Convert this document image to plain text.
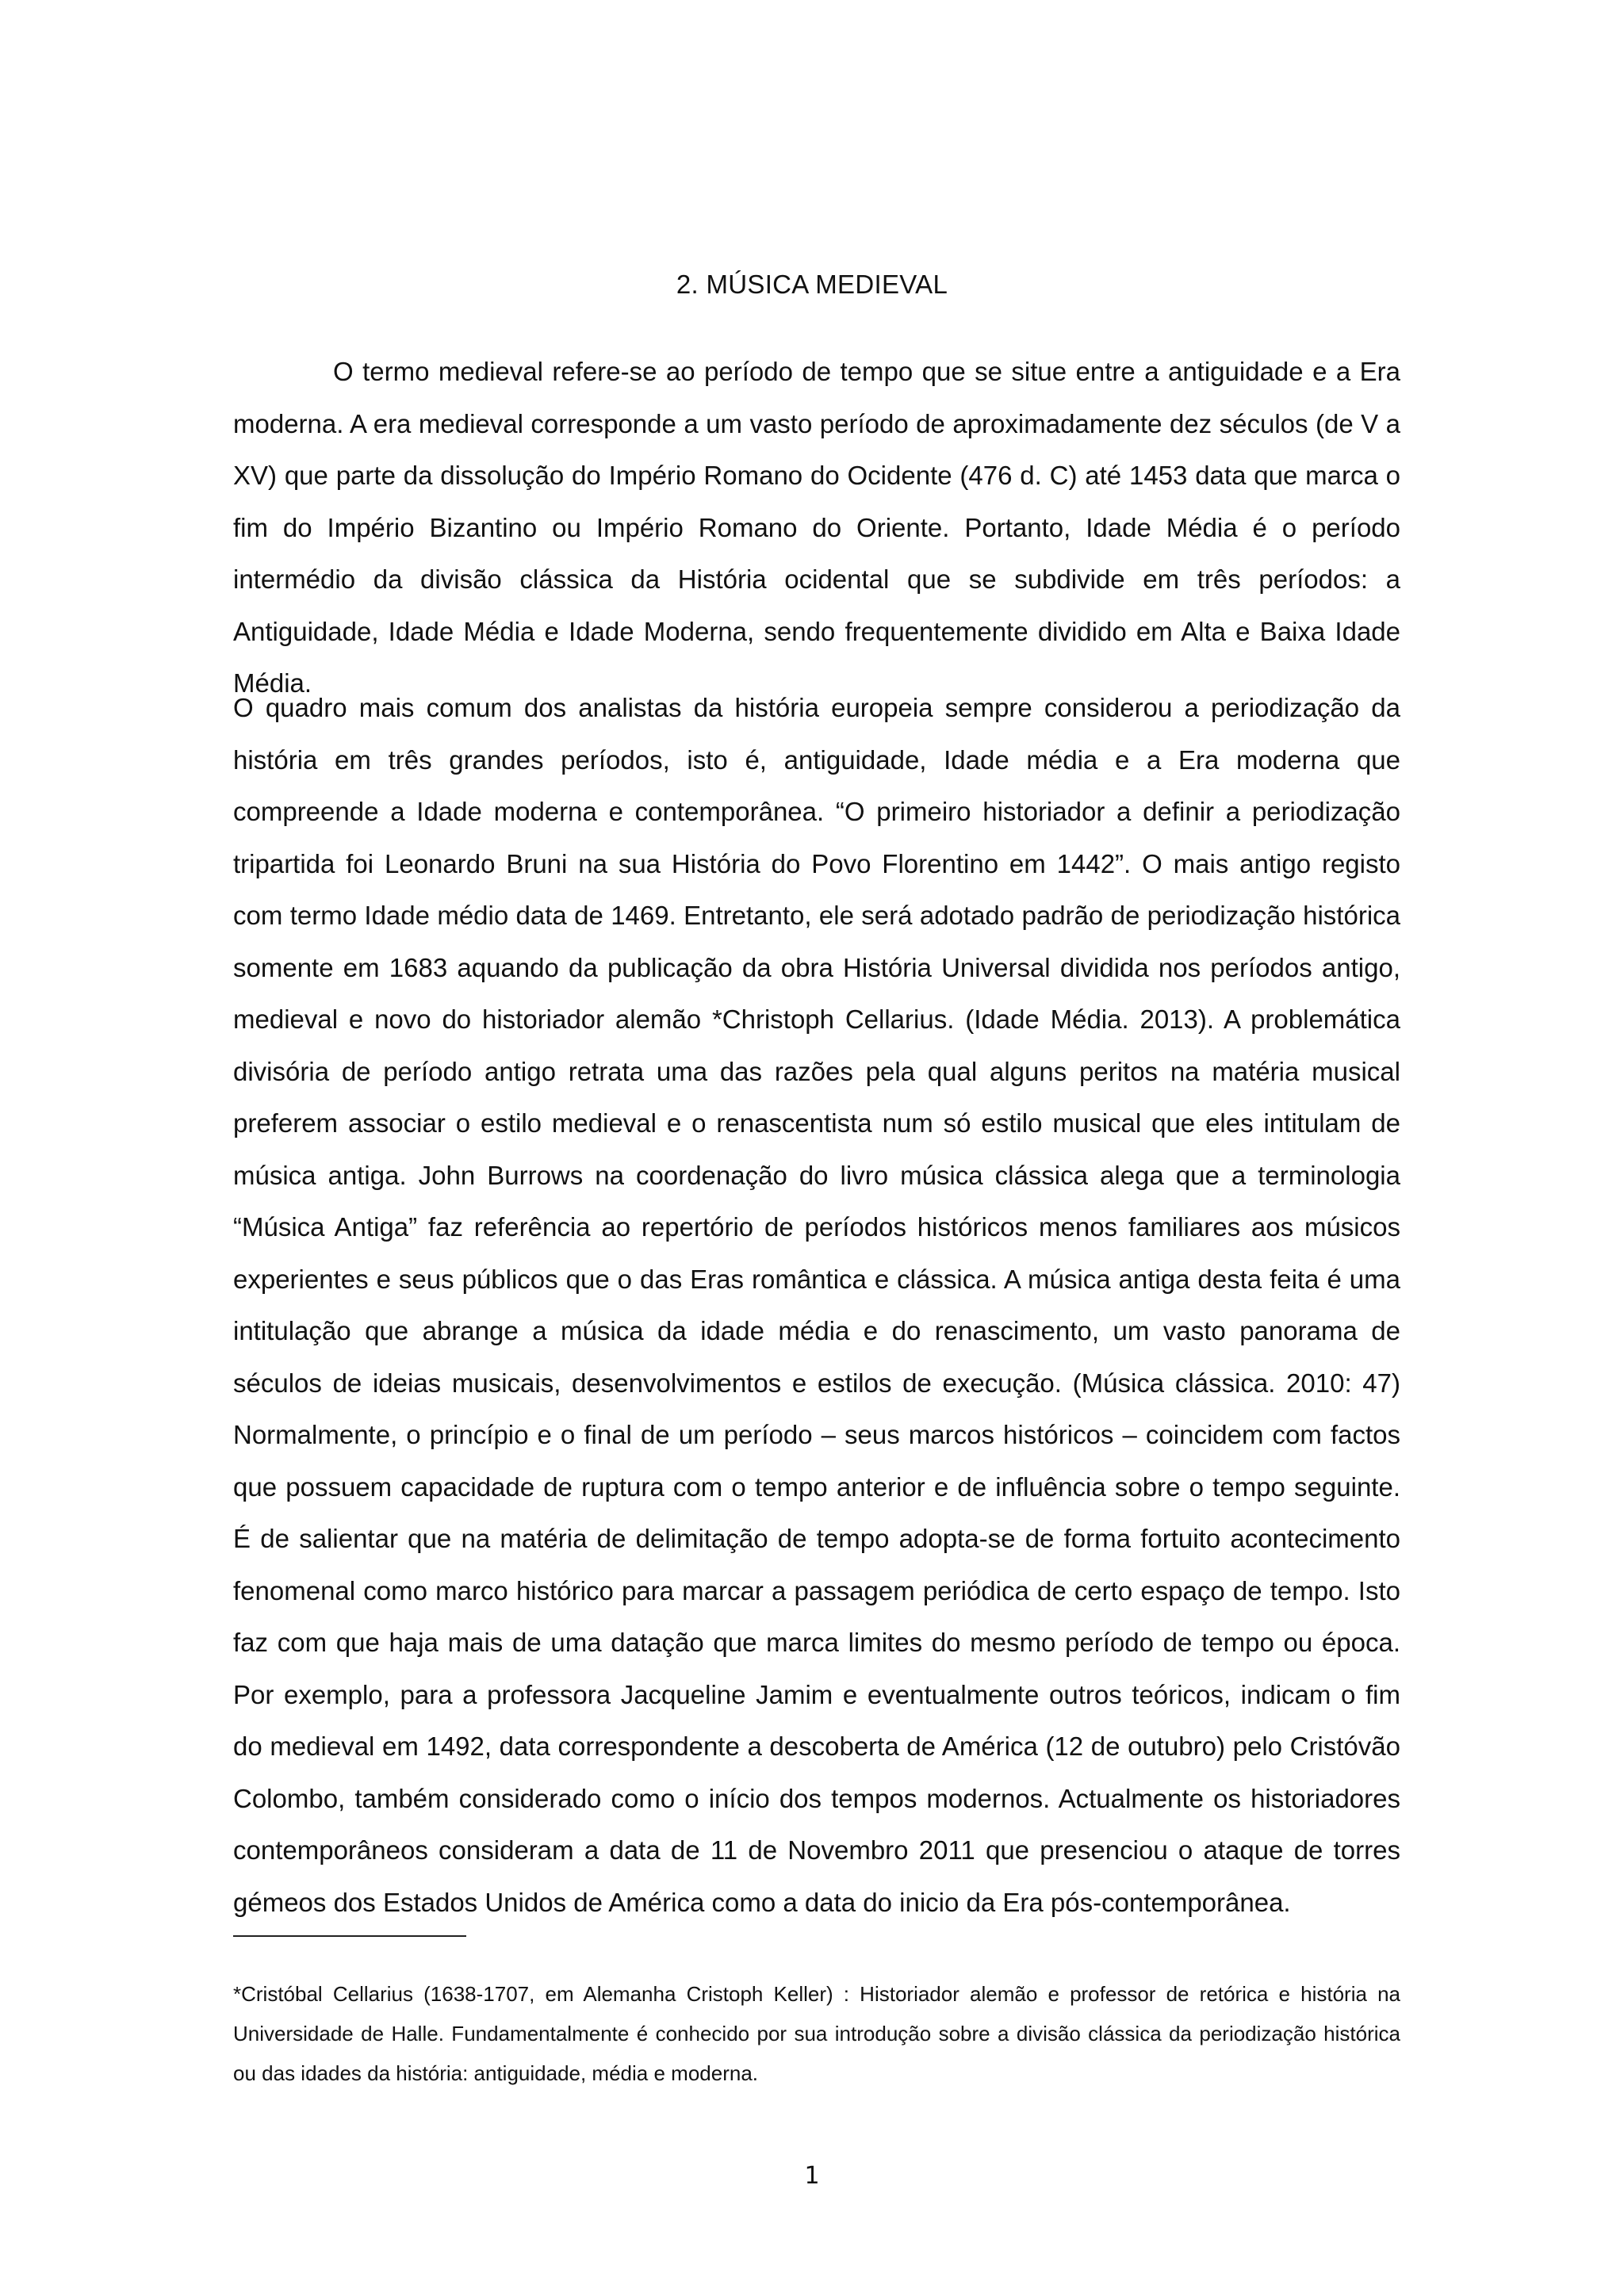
2. MÚSICA MEDIEVAL

O termo medieval refere-se ao período de tempo que se situe entre a antiguidade e a Era moderna. A era medieval corresponde a um vasto período de aproximadamente dez séculos (de V a XV) que parte da dissolução do Império Romano do Ocidente (476 d. C) até 1453 data que marca o fim do Império Bizantino ou Império Romano do Oriente. Portanto, Idade Média é o período intermédio da divisão clássica da História ocidental que se subdivide em três períodos: a Antiguidade, Idade Média e Idade Moderna, sendo frequentemente dividido em Alta e Baixa Idade Média.

O quadro mais comum dos analistas da história europeia sempre considerou a periodização da história em três grandes períodos, isto é, antiguidade, Idade média e a Era moderna que compreende a Idade moderna e contemporânea. “O primeiro historiador a definir a periodização tripartida foi Leonardo Bruni na sua História do Povo Florentino em 1442”. O mais antigo registo com termo Idade médio data de 1469. Entretanto, ele será adotado padrão de periodização histórica somente em 1683 aquando da publicação da obra História Universal dividida nos períodos antigo, medieval e novo do historiador alemão *Christoph Cellarius. (Idade Média. 2013). A problemática divisória de período antigo retrata uma das razões pela qual alguns peritos na matéria musical preferem associar o estilo medieval e o renascentista num só estilo musical que eles intitulam de música antiga. John Burrows na coordenação do livro música clássica alega que a terminologia “Música Antiga” faz referência ao repertório de períodos históricos menos familiares aos músicos experientes e seus públicos que o das Eras romântica e clássica. A música antiga desta feita é uma intitulação que abrange a música da idade média e do renascimento, um vasto panorama de séculos de ideias musicais, desenvolvimentos e estilos de execução. (Música clássica. 2010: 47) Normalmente, o princípio e o final de um período – seus marcos históricos – coincidem com factos que possuem capacidade de ruptura com o tempo anterior e de influência sobre o tempo seguinte. É de salientar que na matéria de delimitação de tempo adopta-se de forma fortuito acontecimento fenomenal como marco histórico para marcar a passagem periódica de certo espaço de tempo. Isto faz com que haja mais de uma datação que marca limites do mesmo período de tempo ou época. Por exemplo, para a professora Jacqueline Jamim e eventualmente outros teóricos, indicam o fim do medieval em 1492, data correspondente a descoberta de América (12 de outubro) pelo Cristóvão Colombo, também considerado como o início dos tempos modernos. Actualmente os historiadores contemporâneos consideram a data de 11 de Novembro 2011 que presenciou o ataque de torres gémeos dos Estados Unidos de América como a data do inicio da Era pós-contemporânea.

*Cristóbal Cellarius (1638-1707, em Alemanha Cristoph Keller) : Historiador alemão e professor de retórica e história na Universidade de Halle. Fundamentalmente é conhecido por sua introdução sobre a divisão clássica da periodização histórica ou das idades da história: antiguidade, média e moderna.

1
